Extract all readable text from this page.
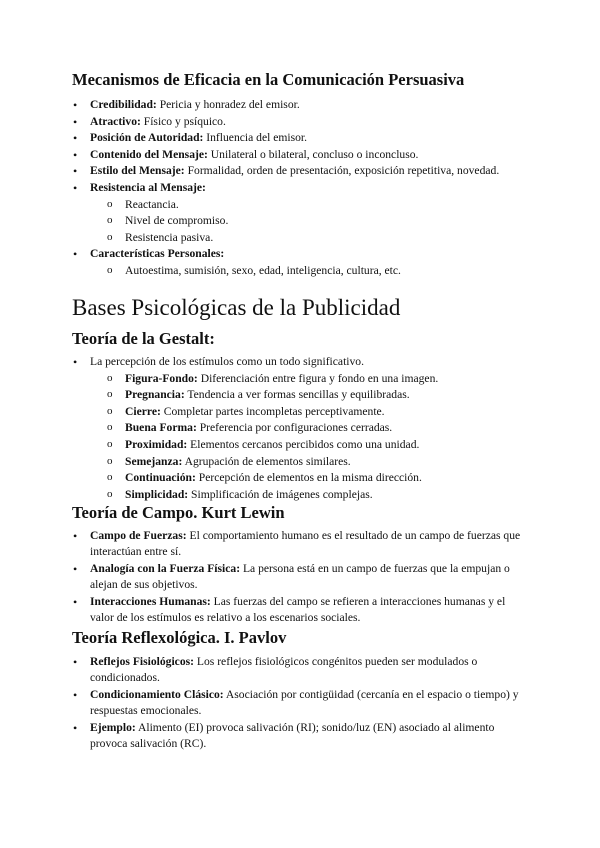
Mecanismos de Eficacia en la Comunicación Persuasiva
• Credibilidad: Pericia y honradez del emisor.
• Atractivo: Físico y psíquico.
• Posición de Autoridad: Influencia del emisor.
• Contenido del Mensaje: Unilateral o bilateral, concluso o inconcluso.
• Estilo del Mensaje: Formalidad, orden de presentación, exposición repetitiva, novedad.
• Resistencia al Mensaje:
o Reactancia.
o Nivel de compromiso.
o Resistencia pasiva.
• Características Personales:
o Autoestima, sumisión, sexo, edad, inteligencia, cultura, etc.
Bases Psicológicas de la Publicidad
Teoría de la Gestalt:
• La percepción de los estímulos como un todo significativo.
o Figura-Fondo: Diferenciación entre figura y fondo en una imagen.
o Pregnancia: Tendencia a ver formas sencillas y equilibradas.
o Cierre: Completar partes incompletas perceptivamente.
o Buena Forma: Preferencia por configuraciones cerradas.
o Proximidad: Elementos cercanos percibidos como una unidad.
o Semejanza: Agrupación de elementos similares.
o Continuación: Percepción de elementos en la misma dirección.
o Simplicidad: Simplificación de imágenes complejas.
Teoría de Campo. Kurt Lewin
• Campo de Fuerzas: El comportamiento humano es el resultado de un campo de fuerzas que interactúan entre sí.
• Analogía con la Fuerza Física: La persona está en un campo de fuerzas que la empujan o alejan de sus objetivos.
• Interacciones Humanas: Las fuerzas del campo se refieren a interacciones humanas y el valor de los estímulos es relativo a los escenarios sociales.
Teoría Reflexológica. I. Pavlov
• Reflejos Fisiológicos: Los reflejos fisiológicos congénitos pueden ser modulados o condicionados.
• Condicionamiento Clásico: Asociación por contigüidad (cercanía en el espacio o tiempo) y respuestas emocionales.
• Ejemplo: Alimento (EI) provoca salivación (RI); sonido/luz (EN) asociado al alimento provoca salivación (RC).
